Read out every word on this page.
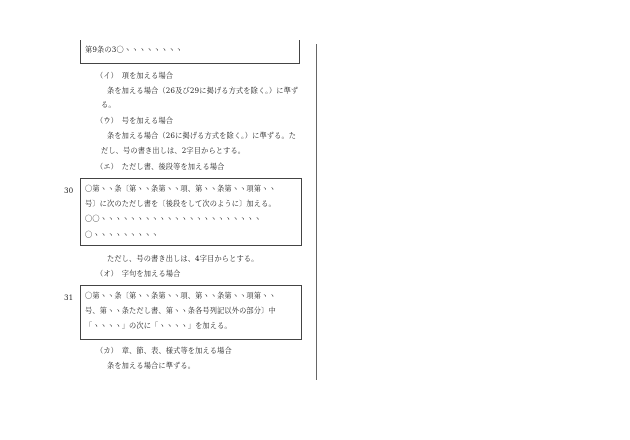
第9条の3〇ヽヽヽヽヽヽヽヽ
（イ）　項を加える場合
条を加える場合（26及び29に掲げる方式を除く。）に準ず
る。
（ウ）　号を加える場合
条を加える場合（26に掲げる方式を除く。）に準ずる。た
だし、号の書き出しは、2字目からとする。
（エ）　ただし書、後段等を加える場合
30 〇第ヽヽ条〔第ヽヽ条第ヽヽ項、第ヽヽ条第ヽヽ項第ヽヽ
号〕に次のただし書を〔後段をして次のように〕加える。
〇〇ヽヽヽヽヽヽヽヽヽヽヽヽヽヽヽヽヽヽヽヽヽヽ
〇ヽヽヽヽヽヽヽヽヽ
ただし、号の書き出しは、4字目からとする。
（オ）　字句を加える場合
31 〇第ヽヽ条〔第ヽヽ条第ヽヽ項、第ヽヽ条第ヽヽ項第ヽヽ
号、第ヽヽ条ただし書、第ヽヽ条各号列記以外の部分〕中
「ヽヽヽヽ」の次に「ヽヽヽヽ」を加える。
（カ）　章、節、表、様式等を加える場合
条を加える場合に準ずる。
